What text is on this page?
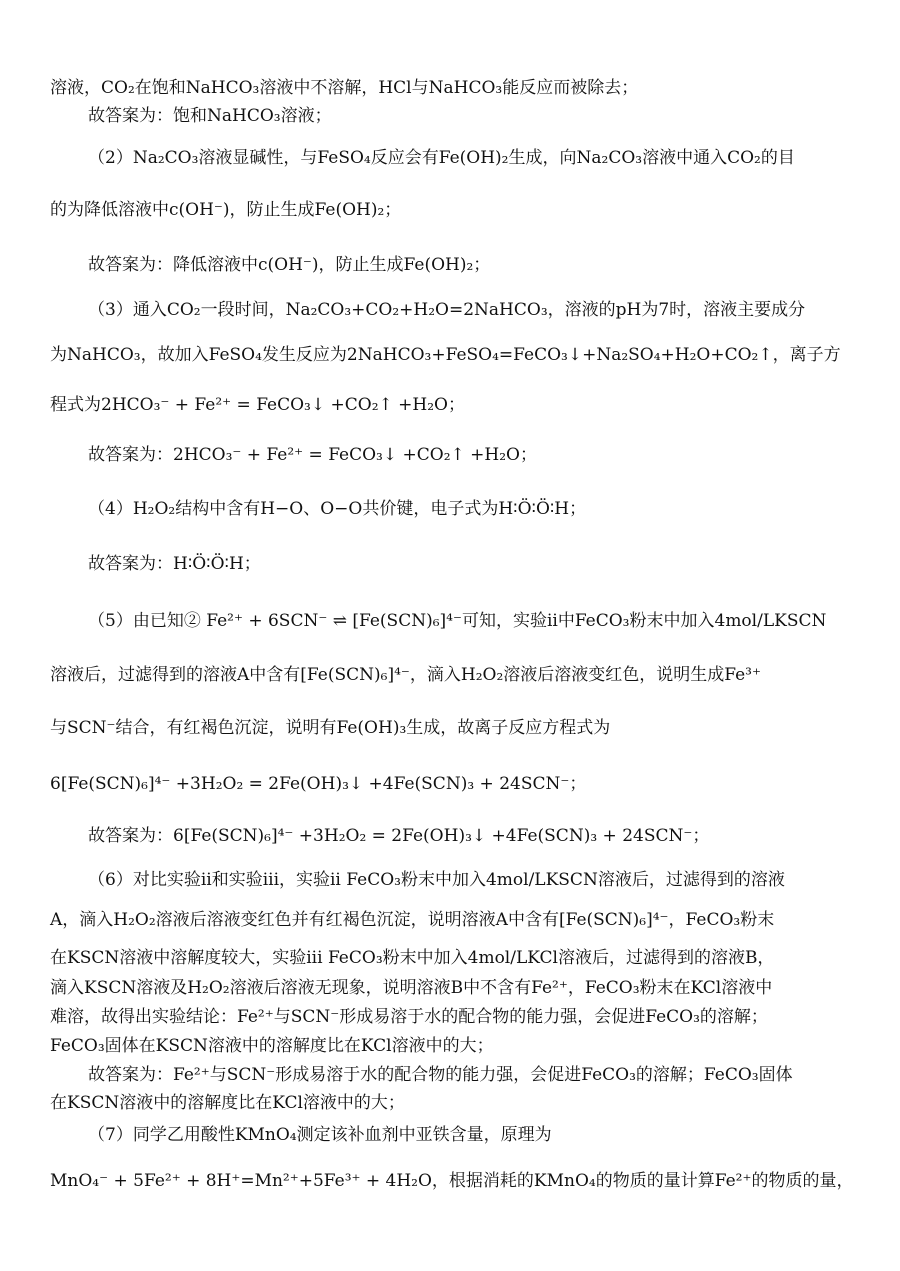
溶液，CO₂在饱和NaHCO₃溶液中不溶解，HCl与NaHCO₃能反应而被除去；
故答案为：饱和NaHCO₃溶液；
（2）Na₂CO₃溶液显碱性，与FeSO₄反应会有Fe(OH)₂生成，向Na₂CO₃溶液中通入CO₂的目
的为降低溶液中c(OH⁻)，防止生成Fe(OH)₂；
故答案为：降低溶液中c(OH⁻)，防止生成Fe(OH)₂；
（3）通入CO₂一段时间，Na₂CO₃+CO₂+H₂O=2NaHCO₃，溶液的pH为7时，溶液主要成分
为NaHCO₃，故加入FeSO₄发生反应为2NaHCO₃+FeSO₄=FeCO₃↓+Na₂SO₄+H₂O+CO₂↑，离子方
程式为2HCO₃⁻ + Fe²⁺ = FeCO₃↓ +CO₂↑ +H₂O；
故答案为：2HCO₃⁻ + Fe²⁺ = FeCO₃↓ +CO₂↑ +H₂O；
（4）H₂O₂结构中含有H−O、O−O共价键，电子式为H∶Ö∶Ö∶H；
故答案为：H∶Ö∶Ö∶H；
（5）由已知② Fe²⁺ + 6SCN⁻ ⇌ [Fe(SCN)₆]⁴⁻可知，实验ii中FeCO₃粉末中加入4mol/LKSCN
溶液后，过滤得到的溶液A中含有[Fe(SCN)₆]⁴⁻，滴入H₂O₂溶液后溶液变红色，说明生成Fe³⁺
与SCN⁻结合，有红褐色沉淀，说明有Fe(OH)₃生成，故离子反应方程式为
6[Fe(SCN)₆]⁴⁻ +3H₂O₂ = 2Fe(OH)₃↓ +4Fe(SCN)₃ + 24SCN⁻；
故答案为：6[Fe(SCN)₆]⁴⁻ +3H₂O₂ = 2Fe(OH)₃↓ +4Fe(SCN)₃ + 24SCN⁻；
（6）对比实验ii和实验iii，实验ii FeCO₃粉末中加入4mol/LKSCN溶液后，过滤得到的溶液
A，滴入H₂O₂溶液后溶液变红色并有红褐色沉淀，说明溶液A中含有[Fe(SCN)₆]⁴⁻，FeCO₃粉末
在KSCN溶液中溶解度较大，实验iii FeCO₃粉末中加入4mol/LKCl溶液后，过滤得到的溶液B，
滴入KSCN溶液及H₂O₂溶液后溶液无现象，说明溶液B中不含有Fe²⁺，FeCO₃粉末在KCl溶液中
难溶，故得出实验结论：Fe²⁺与SCN⁻形成易溶于水的配合物的能力强，会促进FeCO₃的溶解；
FeCO₃固体在KSCN溶液中的溶解度比在KCl溶液中的大；
故答案为：Fe²⁺与SCN⁻形成易溶于水的配合物的能力强，会促进FeCO₃的溶解；FeCO₃固体
在KSCN溶液中的溶解度比在KCl溶液中的大；
（7）同学乙用酸性KMnO₄测定该补血剂中亚铁含量，原理为
MnO₄⁻ + 5Fe²⁺ + 8H⁺=Mn²⁺+5Fe³⁺ + 4H₂O，根据消耗的KMnO₄的物质的量计算Fe²⁺的物质的量，
